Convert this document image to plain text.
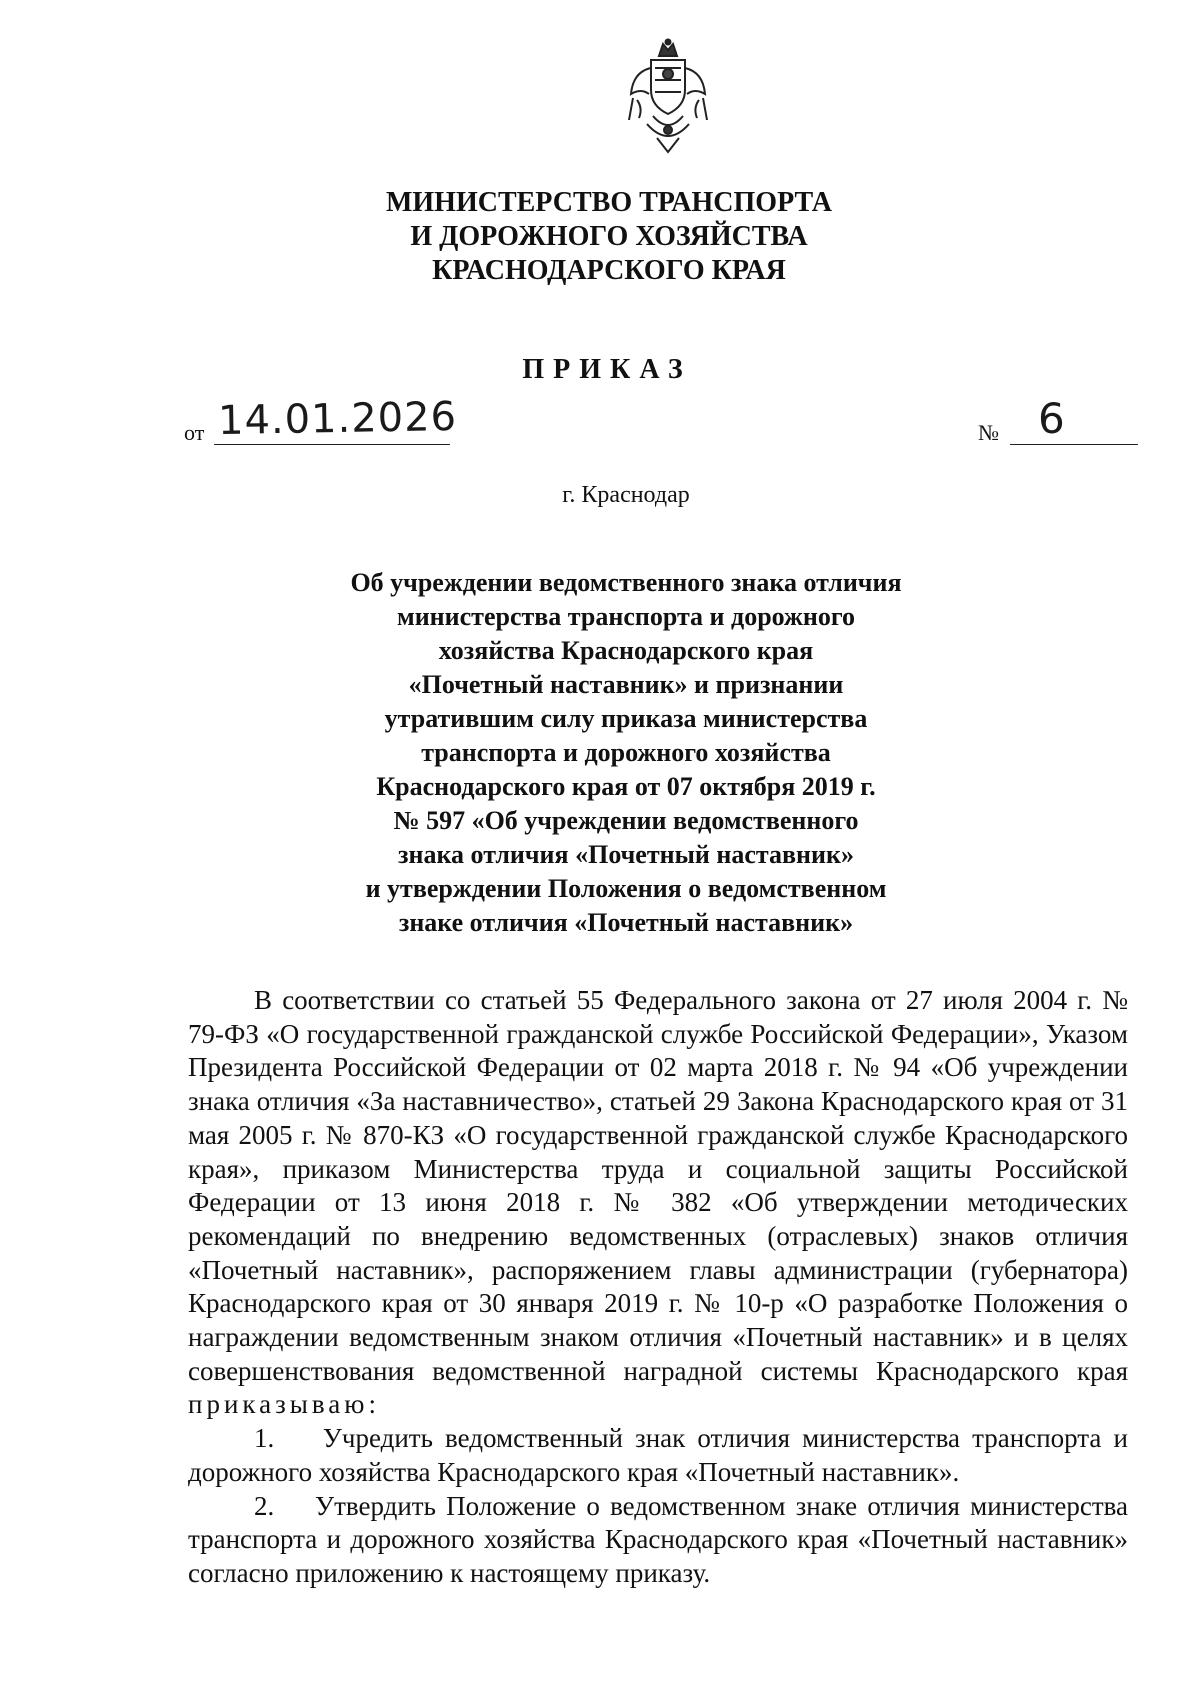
МИНИСТЕРСТВО ТРАНСПОРТА
И ДОРОЖНОГО ХОЗЯЙСТВА
КРАСНОДАРСКОГО КРАЯ
ПРИКАЗ
от 14.01.2026	№ 6
г. Краснодар
Об учреждении ведомственного знака отличия
министерства транспорта и дорожного
хозяйства Краснодарского края
«Почетный наставник» и признании
утратившим силу приказа министерства
транспорта и дорожного хозяйства
Краснодарского края от 07 октября 2019 г.
№ 597 «Об учреждении ведомственного
знака отличия «Почетный наставник»
и утверждении Положения о ведомственном
знаке отличия «Почетный наставник»

В соответствии со статьей 55 Федерального закона от 27 июля 2004 г. № 79-ФЗ «О государственной гражданской службе Российской Федерации», Указом Президента Российской Федерации от 02 марта 2018 г. № 94 «Об учреждении знака отличия «За наставничество», статьей 29 Закона Краснодарского края от 31 мая 2005 г. № 870-КЗ «О государственной гражданской службе Краснодарского края», приказом Министерства труда и социальной защиты Российской Федерации от 13 июня 2018 г. № 382 «Об утверждении методических рекомендаций по внедрению ведомственных (отраслевых) знаков отличия «Почетный наставник», распоряжением главы администрации (губернатора) Краснодарского края от 30 января 2019 г. № 10-р «О разработке Положения о награждении ведомственным знаком отличия «Почетный наставник» и в целях совершенствования ведомственной наградной системы Краснодарского края приказываю:

1. Учредить ведомственный знак отличия министерства транспорта и дорожного хозяйства Краснодарского края «Почетный наставник».

2. Утвердить Положение о ведомственном знаке отличия министерства транспорта и дорожного хозяйства Краснодарского края «Почетный наставник» согласно приложению к настоящему приказу.
